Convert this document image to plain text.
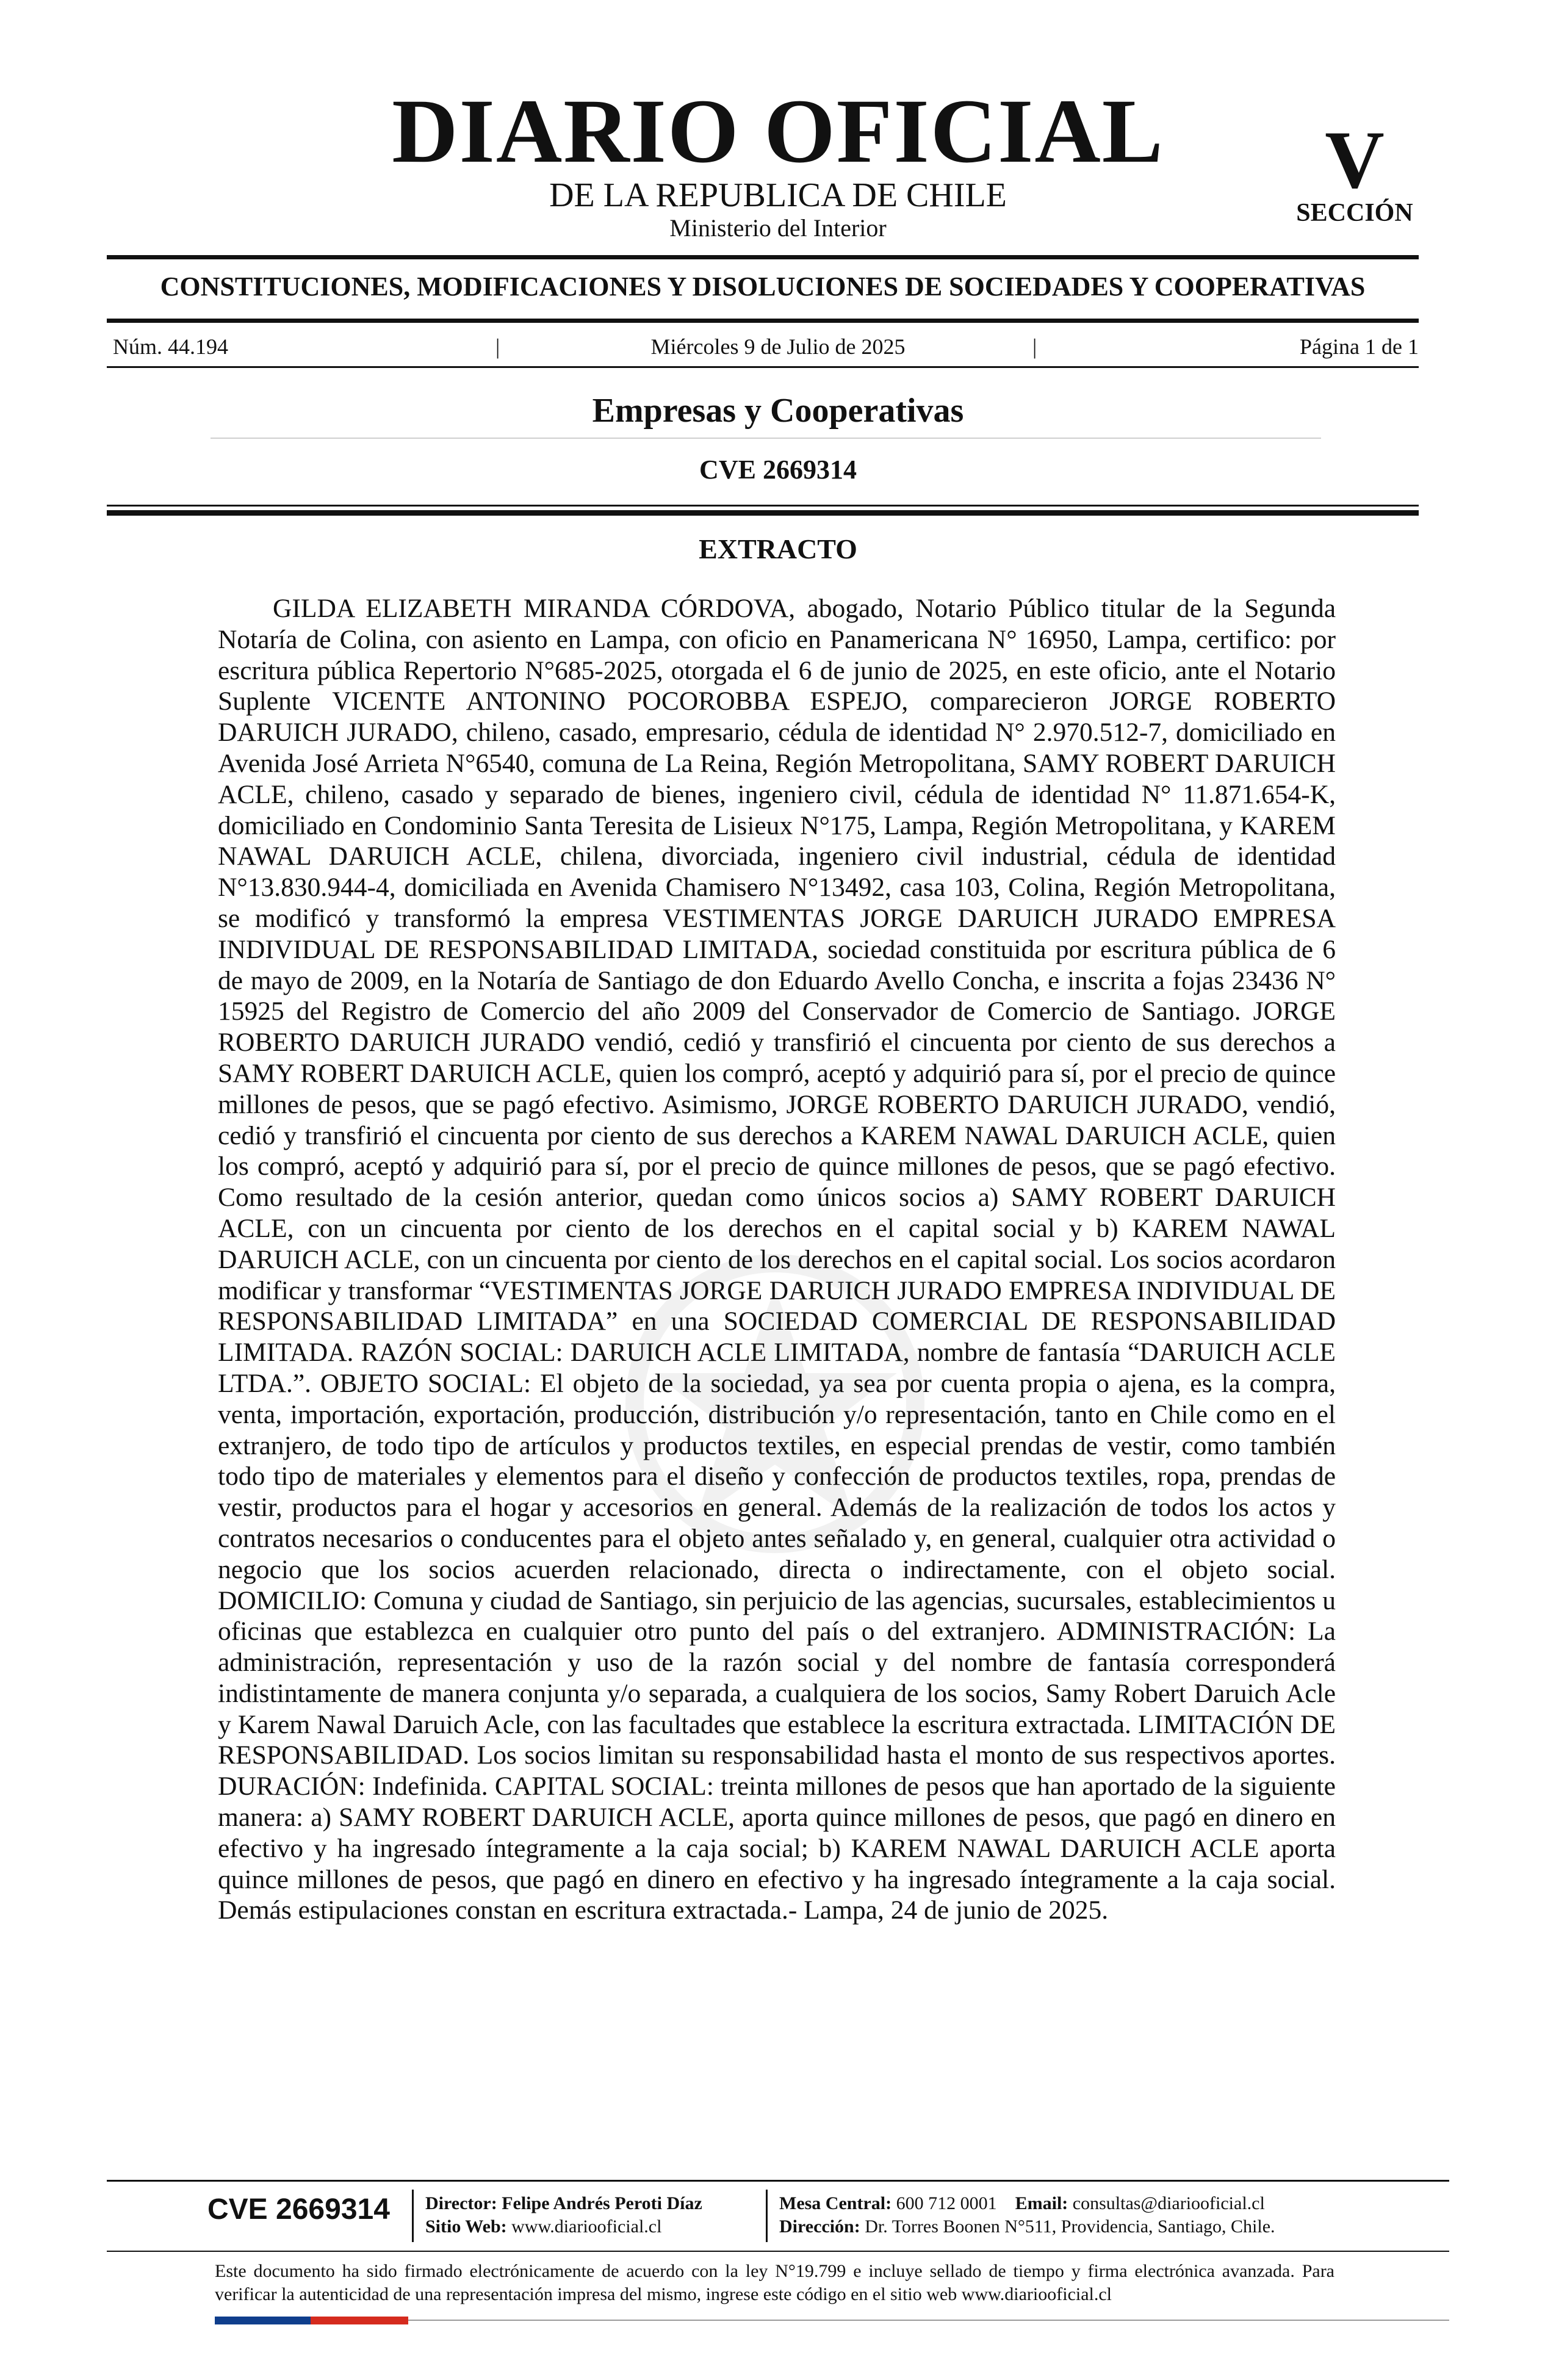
DIARIO OFICIAL
DE LA REPUBLICA DE CHILE
Ministerio del Interior
V
SECCIÓN
CONSTITUCIONES, MODIFICACIONES Y DISOLUCIONES DE SOCIEDADES Y COOPERATIVAS
Núm. 44.194	|	Miércoles 9 de Julio de 2025	|	Página 1 de 1
Empresas y Cooperativas
CVE 2669314
EXTRACTO

GILDA ELIZABETH MIRANDA CÓRDOVA, abogado, Notario Público titular de la Segunda Notaría de Colina, con asiento en Lampa, con oficio en Panamericana N° 16950, Lampa, certifico: por escritura pública Repertorio N°685-2025, otorgada el 6 de junio de 2025, en este oficio, ante el Notario Suplente VICENTE ANTONINO POCOROBBA ESPEJO, comparecieron JORGE ROBERTO DARUICH JURADO, chileno, casado, empresario, cédula de identidad N° 2.970.512-7, domiciliado en Avenida José Arrieta N°6540, comuna de La Reina, Región Metropolitana, SAMY ROBERT DARUICH ACLE, chileno, casado y separado de bienes, ingeniero civil, cédula de identidad N° 11.871.654-K, domiciliado en Condominio Santa Teresita de Lisieux N°175, Lampa, Región Metropolitana, y KAREM NAWAL DARUICH ACLE, chilena, divorciada, ingeniero civil industrial, cédula de identidad N°13.830.944-4, domiciliada en Avenida Chamisero N°13492, casa 103, Colina, Región Metropolitana, se modificó y transformó la empresa VESTIMENTAS JORGE DARUICH JURADO EMPRESA INDIVIDUAL DE RESPONSABILIDAD LIMITADA, sociedad constituida por escritura pública de 6 de mayo de 2009, en la Notaría de Santiago de don Eduardo Avello Concha, e inscrita a fojas 23436 N° 15925 del Registro de Comercio del año 2009 del Conservador de Comercio de Santiago. JORGE ROBERTO DARUICH JURADO vendió, cedió y transfirió el cincuenta por ciento de sus derechos a SAMY ROBERT DARUICH ACLE, quien los compró, aceptó y adquirió para sí, por el precio de quince millones de pesos, que se pagó efectivo. Asimismo, JORGE ROBERTO DARUICH JURADO, vendió, cedió y transfirió el cincuenta por ciento de sus derechos a KAREM NAWAL DARUICH ACLE, quien los compró, aceptó y adquirió para sí, por el precio de quince millones de pesos, que se pagó efectivo. Como resultado de la cesión anterior, quedan como únicos socios a) SAMY ROBERT DARUICH ACLE, con un cincuenta por ciento de los derechos en el capital social y b) KAREM NAWAL DARUICH ACLE, con un cincuenta por ciento de los derechos en el capital social. Los socios acordaron modificar y transformar “VESTIMENTAS JORGE DARUICH JURADO EMPRESA INDIVIDUAL DE RESPONSABILIDAD LIMITADA” en una SOCIEDAD COMERCIAL DE RESPONSABILIDAD LIMITADA. RAZÓN SOCIAL: DARUICH ACLE LIMITADA, nombre de fantasía “DARUICH ACLE LTDA.”. OBJETO SOCIAL: El objeto de la sociedad, ya sea por cuenta propia o ajena, es la compra, venta, importación, exportación, producción, distribución y/o representación, tanto en Chile como en el extranjero, de todo tipo de artículos y productos textiles, en especial prendas de vestir, como también todo tipo de materiales y elementos para el diseño y confección de productos textiles, ropa, prendas de vestir, productos para el hogar y accesorios en general. Además de la realización de todos los actos y contratos necesarios o conducentes para el objeto antes señalado y, en general, cualquier otra actividad o negocio que los socios acuerden relacionado, directa o indirectamente, con el objeto social. DOMICILIO: Comuna y ciudad de Santiago, sin perjuicio de las agencias, sucursales, establecimientos u oficinas que establezca en cualquier otro punto del país o del extranjero. ADMINISTRACIÓN: La administración, representación y uso de la razón social y del nombre de fantasía corresponderá indistintamente de manera conjunta y/o separada, a cualquiera de los socios, Samy Robert Daruich Acle y Karem Nawal Daruich Acle, con las facultades que establece la escritura extractada. LIMITACIÓN DE RESPONSABILIDAD. Los socios limitan su responsabilidad hasta el monto de sus respectivos aportes. DURACIÓN: Indefinida. CAPITAL SOCIAL: treinta millones de pesos que han aportado de la siguiente manera: a) SAMY ROBERT DARUICH ACLE, aporta quince millones de pesos, que pagó en dinero en efectivo y ha ingresado íntegramente a la caja social; b) KAREM NAWAL DARUICH ACLE aporta quince millones de pesos, que pagó en dinero en efectivo y ha ingresado íntegramente a la caja social. Demás estipulaciones constan en escritura extractada.- Lampa, 24 de junio de 2025.

CVE 2669314 Director: Felipe Andrés Peroti Díaz
Sitio Web: www.diariooficial.cl
Mesa Central: 600 712 0001 Email: consultas@diariooficial.cl
Dirección: Dr. Torres Boonen N°511, Providencia, Santiago, Chile.

Este documento ha sido firmado electrónicamente de acuerdo con la ley N°19.799 e incluye sellado de tiempo y firma electrónica avanzada. Para verificar la autenticidad de una representación impresa del mismo, ingrese este código en el sitio web www.diariooficial.cl
